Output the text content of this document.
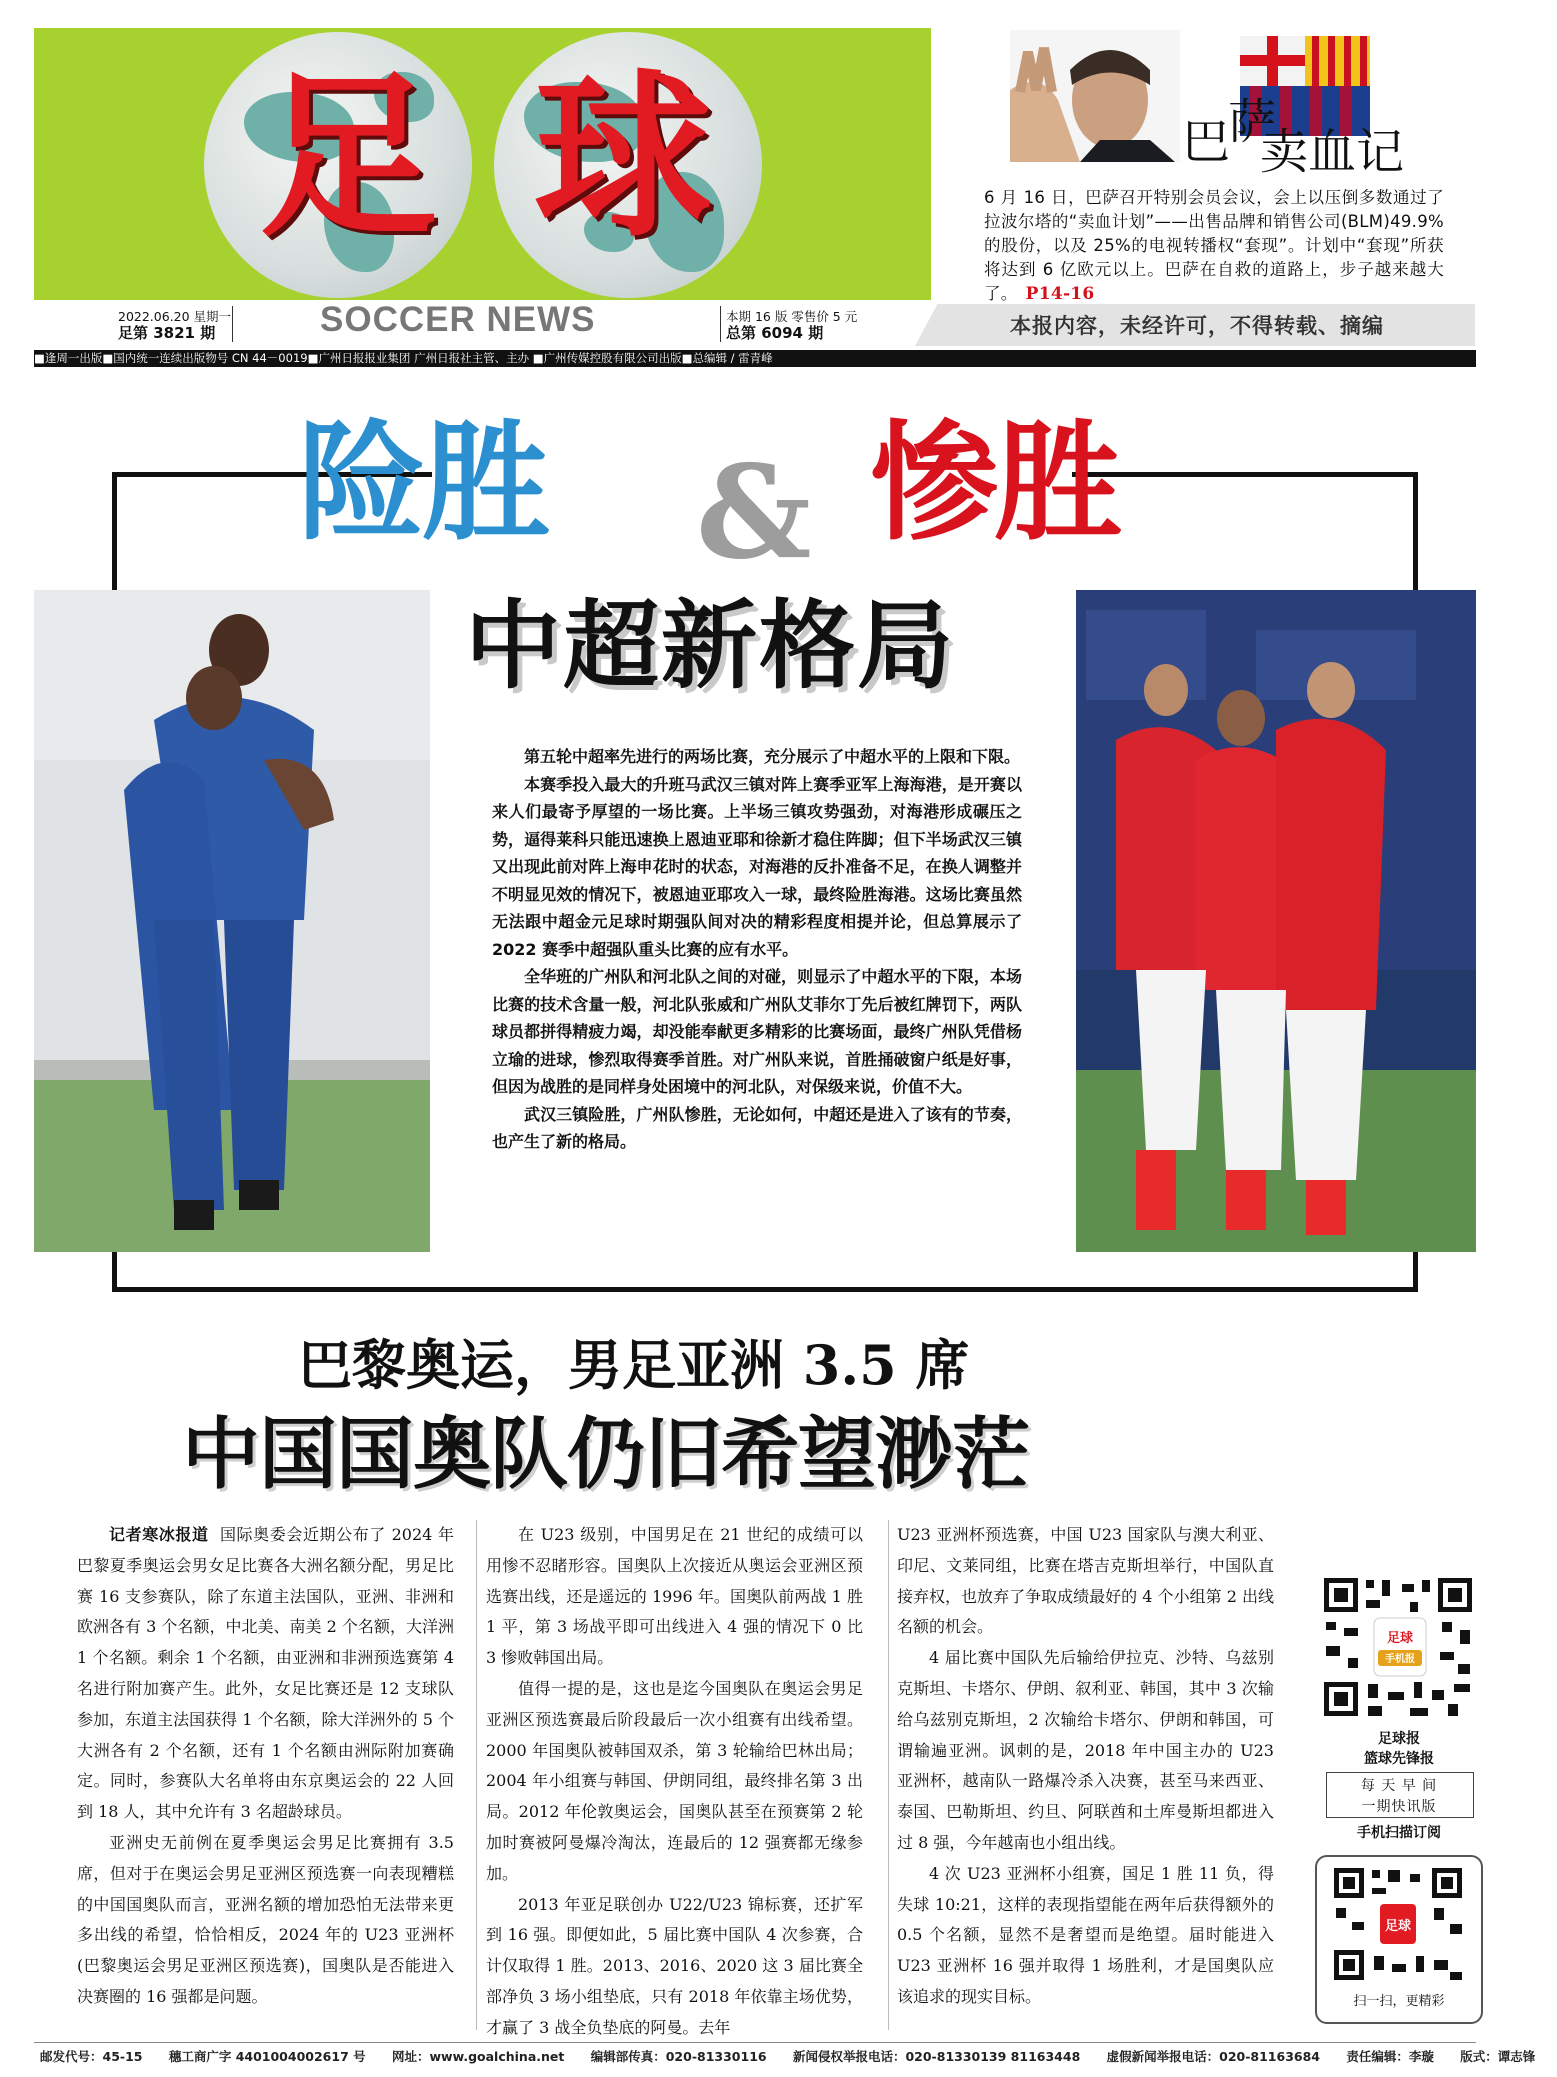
足 球	巴
萨
卖血记
6 月 16 日，巴萨召开特别会员会议，会上以压倒多数通过了拉波尔塔的“卖血计划”——出售品牌和销售公司(BLM)49.9%的股份，以及 25%的电视转播权“套现”。计划中“套现”所获将达到 6 亿欧元以上。巴萨在自救的道路上，步子越来越大了。 P14-16
2022.06.20 星期一
足第 3821 期	SOCCER NEWS	本期 16 版 零售价 5 元
总第 6094 期	本报内容，未经许可，不得转载、摘编
■逢周一出版■国内统一连续出版物号 CN 44－0019■广州日报报业集团 广州日报社主管、主办 ■广州传媒控股有限公司出版■总编辑 / 雷青峰
险胜 & 惨胜
中超新格局

第五轮中超率先进行的两场比赛，充分展示了中超水平的上限和下限。

本赛季投入最大的升班马武汉三镇对阵上赛季亚军上海海港，是开赛以来人们最寄予厚望的一场比赛。上半场三镇攻势强劲，对海港形成碾压之势，逼得莱科只能迅速换上恩迪亚耶和徐新才稳住阵脚；但下半场武汉三镇又出现此前对阵上海申花时的状态，对海港的反扑准备不足，在换人调整并不明显见效的情况下，被恩迪亚耶攻入一球，最终险胜海港。这场比赛虽然无法跟中超金元足球时期强队间对决的精彩程度相提并论，但总算展示了 2022 赛季中超强队重头比赛的应有水平。

全华班的广州队和河北队之间的对碰，则显示了中超水平的下限，本场比赛的技术含量一般，河北队张威和广州队艾菲尔丁先后被红牌罚下，两队球员都拼得精疲力竭，却没能奉献更多精彩的比赛场面，最终广州队凭借杨立瑜的进球，惨烈取得赛季首胜。对广州队来说，首胜捅破窗户纸是好事，但因为战胜的是同样身处困境中的河北队，对保级来说，价值不大。

武汉三镇险胜，广州队惨胜，无论如何，中超还是进入了该有的节奏，也产生了新的格局。

巴黎奥运，男足亚洲 3.5 席
中国国奥队仍旧希望渺茫

记者寒冰报道 国际奥委会近期公布了 2024 年巴黎夏季奥运会男女足比赛各大洲名额分配，男足比赛 16 支参赛队，除了东道主法国队，亚洲、非洲和欧洲各有 3 个名额，中北美、南美 2 个名额，大洋洲 1 个名额。剩余 1 个名额，由亚洲和非洲预选赛第 4 名进行附加赛产生。此外，女足比赛还是 12 支球队参加，东道主法国获得 1 个名额，除大洋洲外的 5 个大洲各有 2 个名额，还有 1 个名额由洲际附加赛确定。同时，参赛队大名单将由东京奥运会的 22 人回到 18 人，其中允许有 3 名超龄球员。

亚洲史无前例在夏季奥运会男足比赛拥有 3.5 席，但对于在奥运会男足亚洲区预选赛一向表现糟糕的中国国奥队而言，亚洲名额的增加恐怕无法带来更多出线的希望，恰恰相反，2024 年的 U23 亚洲杯(巴黎奥运会男足亚洲区预选赛)，国奥队是否能进入决赛圈的 16 强都是问题。

在 U23 级别，中国男足在 21 世纪的成绩可以用惨不忍睹形容。国奥队上次接近从奥运会亚洲区预选赛出线，还是遥远的 1996 年。国奥队前两战 1 胜 1 平，第 3 场战平即可出线进入 4 强的情况下 0 比 3 惨败韩国出局。

值得一提的是，这也是迄今国奥队在奥运会男足亚洲区预选赛最后阶段最后一次小组赛有出线希望。2000 年国奥队被韩国双杀，第 3 轮输给巴林出局；2004 年小组赛与韩国、伊朗同组，最终排名第 3 出局。2012 年伦敦奥运会，国奥队甚至在预赛第 2 轮加时赛被阿曼爆冷淘汰，连最后的 12 强赛都无缘参加。

2013 年亚足联创办 U22/U23 锦标赛，还扩军到 16 强。即便如此，5 届比赛中国队 4 次参赛，合计仅取得 1 胜。2013、2016、2020 这 3 届比赛全部净负 3 场小组垫底，只有 2018 年依靠主场优势，才赢了 3 战全负垫底的阿曼。去年

U23 亚洲杯预选赛，中国 U23 国家队与澳大利亚、印尼、文莱同组，比赛在塔吉克斯坦举行，中国队直接弃权，也放弃了争取成绩最好的 4 个小组第 2 出线名额的机会。

4 届比赛中国队先后输给伊拉克、沙特、乌兹别克斯坦、卡塔尔、伊朗、叙利亚、韩国，其中 3 次输给乌兹别克斯坦，2 次输给卡塔尔、伊朗和韩国，可谓输遍亚洲。讽刺的是，2018 年中国主办的 U23 亚洲杯，越南队一路爆冷杀入决赛，甚至马来西亚、泰国、巴勒斯坦、约旦、阿联酋和土库曼斯坦都进入过 8 强，今年越南也小组出线。

4 次 U23 亚洲杯小组赛，国足 1 胜 11 负，得失球 10:21，这样的表现指望能在两年后获得额外的 0.5 个名额，显然不是奢望而是绝望。届时能进入 U23 亚洲杯 16 强并取得 1 场胜利，才是国奥队应该追求的现实目标。

足球
手机报
足球报
篮球先锋报
每 天 早 间
一期快讯版
手机扫描订阅
足球
扫一扫，更精彩
邮发代号：45-15 穗工商广字 4401004002617 号 网址：www.goalchina.net 编辑部传真：020-81330116 新闻侵权举报电话：020-81330139 81163448 虚假新闻举报电话：020-81163684 责任编辑：李璇 版式：谭志锋
